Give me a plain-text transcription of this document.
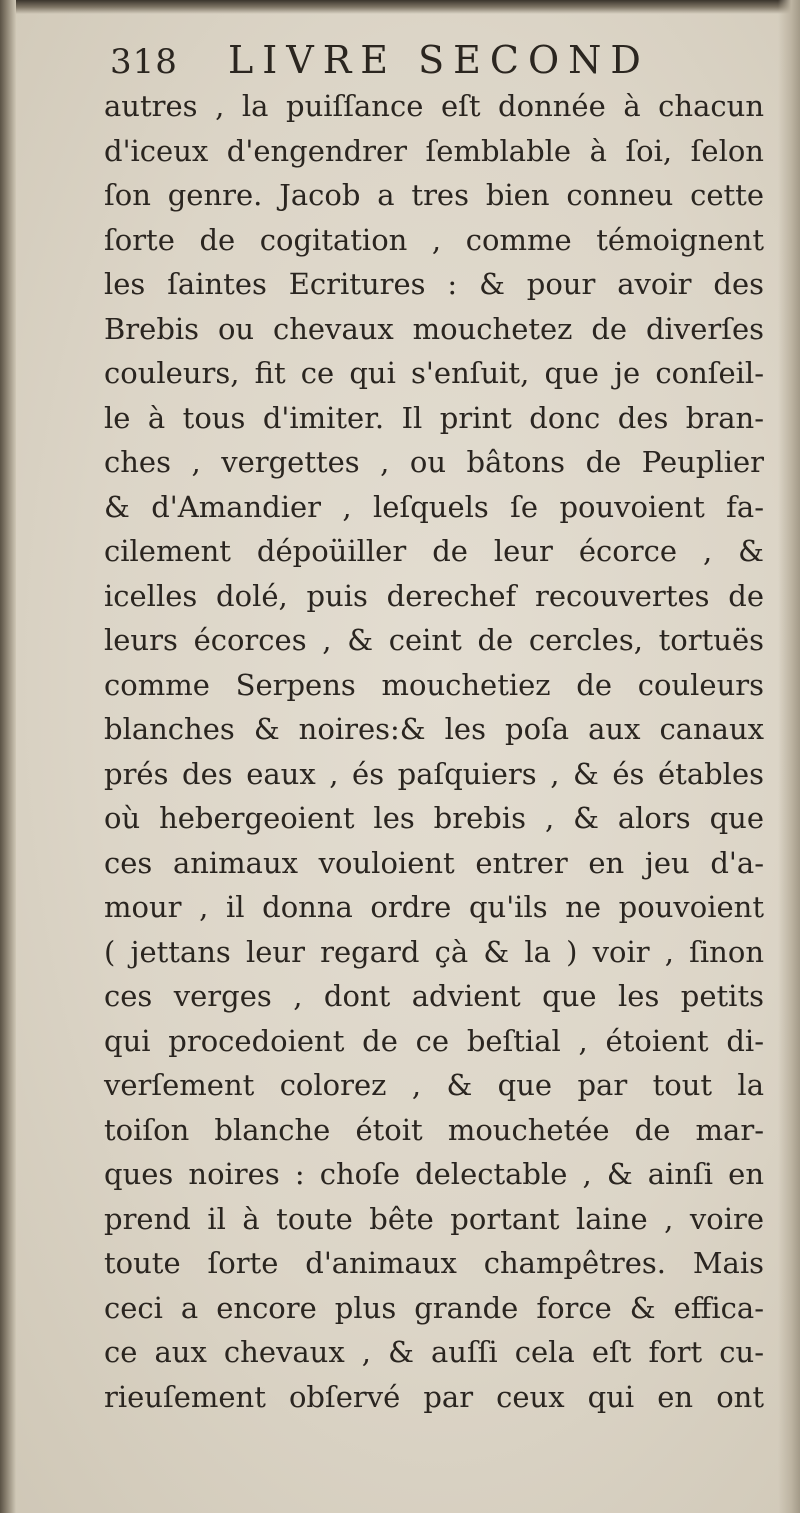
318 LIVRE SECOND
autres , la puiſſance eſt donnée à chacun
d'iceux d'engendrer ſemblable à ſoi, ſelon
ſon genre. Jacob a tres bien conneu cette
ſorte de cogitation , comme témoignent
les ſaintes Ecritures : & pour avoir des
Brebis ou chevaux mouchetez de diverſes
couleurs, fit ce qui s'enſuit, que je conſeil-
le à tous d'imiter. Il print donc des bran-
ches , vergettes , ou bâtons de Peuplier
& d'Amandier , leſquels ſe pouvoient fa-
cilement dépoüiller de leur écorce , &
icelles dolé, puis derechef recouvertes de
leurs écorces , & ceint de cercles, tortuës
comme Serpens mouchetiez de couleurs
blanches & noires:& les poſa aux canaux
prés des eaux , és paſquiers , & és étables
où hebergeoient les brebis , & alors que
ces animaux vouloient entrer en jeu d'a-
mour , il donna ordre qu'ils ne pouvoient
( jettans leur regard çà & la ) voir , ſinon
ces verges , dont advient que les petits
qui procedoient de ce beſtial , étoient di-
verſement colorez , & que par tout la
toiſon blanche étoit mouchetée de mar-
ques noires : choſe delectable , & ainſi en
prend il à toute bête portant laine , voire
toute ſorte d'animaux champêtres. Mais
ceci a encore plus grande force & effica-
ce aux chevaux , & auſſi cela eſt fort cu-
rieuſement obſervé par ceux qui en ont
